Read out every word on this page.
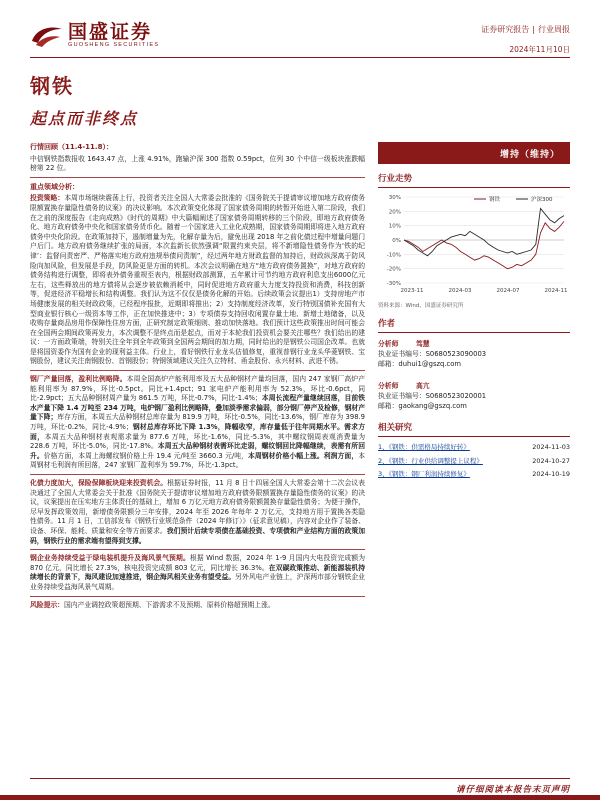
国盛证券
GUOSHENG SECURITIES
证券研究报告 | 行业周报
2024年11月10日
钢铁
起点而非终点
行情回顾（11.4-11.8）：
中信钢铁指数报收 1643.47 点，上涨 4.91%，跑输沪深 300 指数 0.59pct，位列 30 个中信一级板块涨跌幅榜第 22 位。
重点领域分析：
投资策略：本周市场继续震荡上行，投资者关注全国人大常委会批准的《国务院关于提请审议增加地方政府债务限额置换存量隐性债务的议案》的决议影响。本次政策变化体现了国家债务周期的转暂开始进入第二阶段，我们在之前的深度报告《走向成熟》《时代的周期》中大篇幅阐述了国家债务周期转移的三个阶段，即地方政府债务化、地方政府债务中央化和国家债务货币化。随着一个国家进入工业化成熟期，国家债务周期即将进入地方政府债务中央化阶段。在政策加持下，遏制增量为先，化解存量为后，避免出现 2018 年之前化债过程中增量问题门户后门。地方政府债务继续扩张的局面，本次监新长依然强调“限置约束央层，将不新增隐性债务作为‘铁的纪律’：监督问责密严、严格落实地方政府违规举债问责制”，经过两年地方财政监督的加持后，财政纵深离于防风险向加风险，但发展是手段，防风险更是方面的转机。本次会议明确在地方“地方政府债务置换”，对地方政府的债务结构进行调整，即将表外债务重规至表内，根据财政部测算，五年累计可节约地方政府利息支出6000亿元左右，这些释放出的地方债将从会逐步被依赖消耗中，同时促进地方政府重大力度支持投资和消费，科技创新等，促进经济平稳增长和结构调整。我们认为这不仅仅是债务化解的开始。后续政策会议提出1）支持房地产市场健康发展的相关财政政策，已经程序报批，近期即将推出；2）支持制度经济改革，发行特别国债补充国有大型商业银行核心一级资本等工作，正在加快推进中；3）专项债券支持回收闲置存量土地、新增土地储备，以及收购存量商品房用作保障性住房方面，正研究制定政策细则、推动加快落地。我们预计这些政策推出时间可能会在全国两会期间政策再发力，本次调整不是终点而是起点，而对于本轮我们投资机会要关注哪些？我们给出的建议：一方面政策端，特别关注全年到全年政策到全国两会期间的加力期，同时给出的是钢铁公司国企改革。也就是将国资委作为国有企业的现利益主体。行业上，看好钢铁行业龙头估值修复，重视普钢行业龙头华菱钢铁、宝钢股份，建议关注南钢股份、首钢股份；特钢领域建议关注久立特材、甬金股份、永兴材料、武进不锈。
钢厂产量回落，盈利比例略降。本周全国高炉产能利用率及五大品种钢材产量均回落，国内 247 家钢厂高炉产能利用率为 87.9%，环比-0.5pct。同比+1.4pct；91 家电炉产能利用率为 52.3%，环比-0.6pct，同比-2.9pct；五大品种钢材周产量为 861.5 万吨，环比-0.7%，同比-1.4%；本周长流程产量继续回落，目前铁水产量下降 1.4 万吨至 234 万吨，电炉钢厂盈利比例略降，叠加淡季需求偏弱，部分钢厂停产及检修，钢材产量下降；库存方面，本周五大品种钢材总库存量为 819.9 万吨，环比-0.5%，同比-13.6%，钢厂库存为 398.9 万吨，环比-0.2%，同比-4.9%；钢材总库存环比下降 1.3%，降幅收窄，库存量低于往年同期水平。需求方面，本周五大品种钢材表观需求量为 877.6 万吨，环比-1.6%，同比-5.3%，其中螺纹钢周表观消费量为 228.6 万吨，环比-5.0%，同比-17.8%。本周五大品种钢材表需环比走弱，螺纹钢回比降幅继续，表需有所回升。价格方面，本周上海螺纹钢价格上升 19.4 元/吨至 3660.3 元/吨，本周钢材价格小幅上涨。利润方面，本周钢材毛利润有所回落，247 家钢厂盈利率为 59.7%，环比-1.3pct。
化债力度加大，保险保障板块迎来投资机会。根据证券时报，11 月 8 日十四届全国人大常委会第十二次会议表决通过了全国人大常委会关于批准《国务院关于提请审议增加地方政府债务限额置换存量隐性债务的议案》的决议，议案提出在压实地方主体责任的基础上，增加 6 万亿元地方政府债务限额置换存量隐性债务；为便于操作，尽早发挥政策效用，新增债务限额分三年安排，2024 年至 2026 年每年 2 万亿元，支持地方用于置换各类隐性债务。11 月 1 日，工信部发布《钢铁行业规范条件（2024 年修订）》（征求意见稿），内容对企业作了装备、设备、环保、能耗、质量和安全等方面要求。我们预计后续专项债在基础投资、专项债和产业结构方面的政策加码，钢铁行业的需求端有望得到支撑。
钢企业务持续受益于绿电装机提升及海风景气预期。根据 Wind 数据，2024 年 1-9 月国内大电投资完成额为 870 亿元，同比增长 27.3%，核电投资完成额 803 亿元，同比增长 36.3%。在双碳政策推动、新能源装机持续增长的背景下，海风建设加速推进，钢企海风相关业务有望受益。另外风电产业链上，沪深两市部分钢铁企业业务持续受益海风景气周期。
风险提示：国内产业调控政策超预期、下游需求不及预期、原料价格超预期上涨。
增持（维持）
行业走势
-30%
-20%
-10%
0%
10%
20%
30%
2023-11	2024-03	2024-07	2024-11
钢铁	沪深300
资料来源：Wind，国盛证券研究所
作者
分析师	笃慧
执业证书编号： S0680523090003
邮箱： duhui1@gszq.com
分析师	高亢
执业证书编号： S0680523020001
邮箱： gaokang@gszq.com
相关研究
1、《钢铁：供需格局持续好转》	2024-11-03
2、《钢铁：行业供给调整提上议程》	2024-10-27
3、《钢铁：钢厂利润持续修复》	2024-10-19
请仔细阅读本报告末页声明
